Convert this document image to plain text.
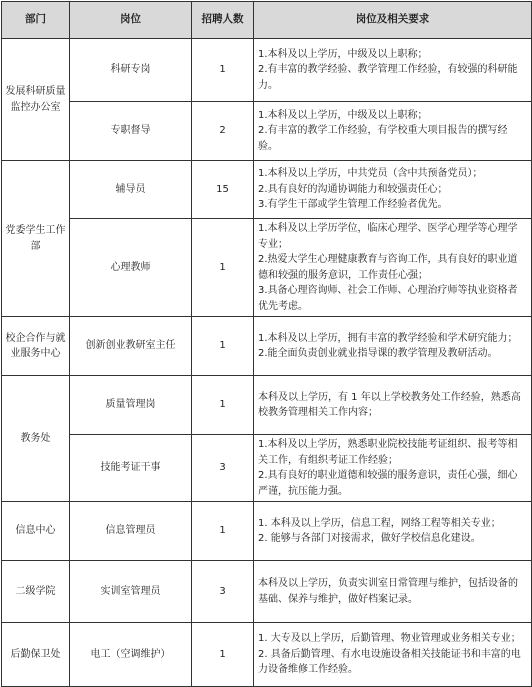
部门	岗位	招聘人数	岗位及相关要求
发展科研质量监控办公室	科研专岗	1	1.本科及以上学历，中级及以上职称；
2.有丰富的教学经验、教学管理工作经验，有较强的科研能力。

	专职督导	2	1.本科及以上学历，中级及以上职称；
2.有丰富的教学工作经验，有学校重大项目报告的撰写经验。

党委学生工作部	辅导员	15	1.本科及以上学历，中共党员（含中共预备党员）；
2.具有良好的沟通协调能力和较强责任心；
3.有学生干部或学生管理工作经验者优先。

	心理教师	1	1.本科及以上学历学位，临床心理学、医学心理学等心理学专业；
2.热爱大学生心理健康教育与咨询工作，具有良好的职业道德和较强的服务意识，工作责任心强；
3.具备心理咨询师、社会工作师、心理治疗师等执业资格者优先考虑。

校企合作与就业服务中心	创新创业教研室主任	1	1.本科及以上学历，拥有丰富的教学经验和学术研究能力；
2.能全面负责创业就业指导课的教学管理及教研活动。

教务处	质量管理岗	1	本科及以上学历，有 1 年以上学校教务处工作经验，熟悉高校教务管理相关工作内容；

	技能考证干事	3	1.本科及以上学历，熟悉职业院校技能考证组织、报考等相关工作，有组织考证工作经验；
2.具有良好的职业道德和较强的服务意识，责任心强，细心严谨，抗压能力强。

信息中心	信息管理员	1	1. 本科及以上学历，信息工程，网络工程等相关专业；
2. 能够与各部门对接需求，做好学校信息化建设。

二级学院	实训室管理员	3	本科及以上学历，负责实训室日常管理与维护，包括设备的基础、保养与维护，做好档案记录。

后勤保卫处	电工（空调维护）	1	1. 大专及以上学历，后勤管理、物业管理或业务相关专业；
2. 具备后勤管理、有水电设施设备相关技能证书和丰富的电力设备维修工作经验。
